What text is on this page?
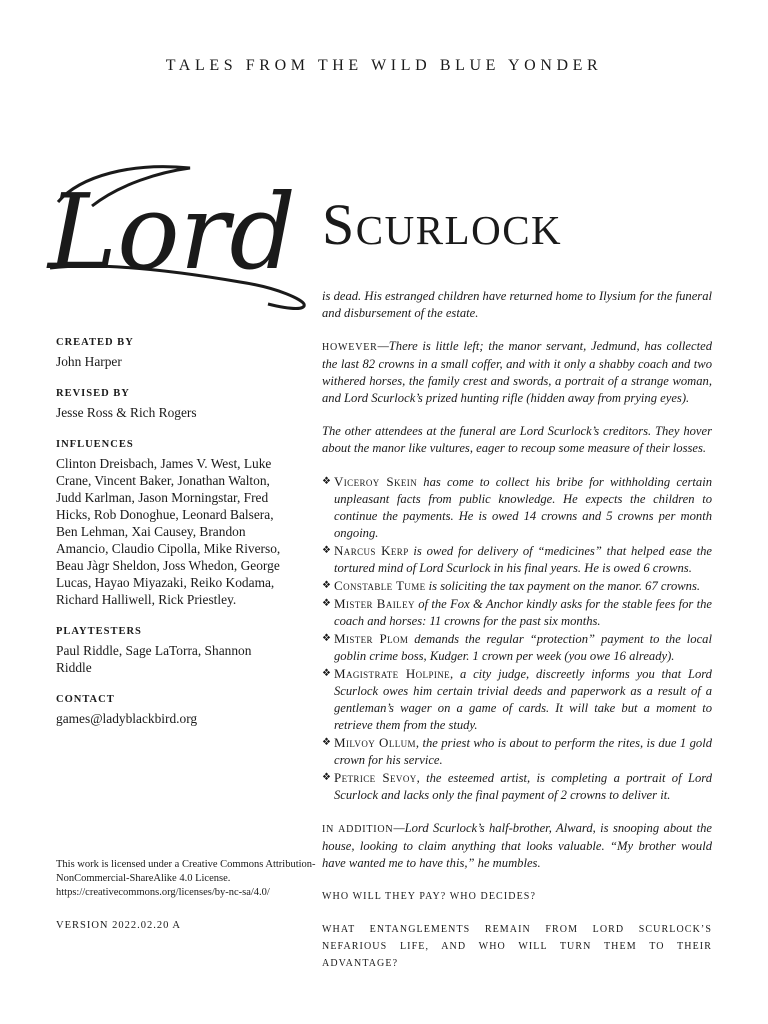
TALES FROM THE WILD BLUE YONDER
Lord Scurlock
CREATED BY
John Harper
REVISED BY
Jesse Ross & Rich Rogers
INFLUENCES
Clinton Dreisbach, James V. West, Luke Crane, Vincent Baker, Jonathan Walton, Judd Karlman, Jason Morningstar, Fred Hicks, Rob Donoghue, Leonard Balsera, Ben Lehman, Xai Causey, Brandon Amancio, Claudio Cipolla, Mike Riverso, Beau Jàgr Sheldon, Joss Whedon, George Lucas, Hayao Miyazaki, Reiko Kodama, Richard Halliwell, Rick Priestley.
PLAYTESTERS
Paul Riddle, Sage LaTorra, Shannon Riddle
CONTACT
games@ladyblackbird.org
This work is licensed under a Creative Commons Attribution-NonCommercial-ShareAlike 4.0 License. https://creativecommons.org/licenses/by-nc-sa/4.0/
VERSION 2022.02.20 A

is dead. His estranged children have returned home to Ilysium for the funeral and disbursement of the estate.

HOWEVER—There is little left; the manor servant, Jedmund, has collected the last 82 crowns in a small coffer, and with it only a shabby coach and two withered horses, the family crest and swords, a portrait of a strange woman, and Lord Scurlock’s prized hunting rifle (hidden away from prying eyes).

The other attendees at the funeral are Lord Scurlock’s creditors. They hover about the manor like vultures, eager to recoup some measure of their losses.

❖ Viceroy Skein has come to collect his bribe for withholding certain unpleasant facts from public knowledge. He expects the children to continue the payments. He is owed 14 crowns and 5 crowns per month ongoing.
❖ Narcus Kerp is owed for delivery of “medicines” that helped ease the tortured mind of Lord Scurlock in his final years. He is owed 6 crowns.
❖ Constable Tume is soliciting the tax payment on the manor. 67 crowns.
❖ Mister Bailey of the Fox & Anchor kindly asks for the stable fees for the coach and horses: 11 crowns for the past six months.
❖ Mister Plom demands the regular “protection” payment to the local goblin crime boss, Kudger. 1 crown per week (you owe 16 already).
❖ Magistrate Holpine, a city judge, discreetly informs you that Lord Scurlock owes him certain trivial deeds and paperwork as a result of a gentleman’s wager on a game of cards. It will take but a moment to retrieve them from the study.
❖ Milvoy Ollum, the priest who is about to perform the rites, is due 1 gold crown for his service.
❖ Petrice Sevoy, the esteemed artist, is completing a portrait of Lord Scurlock and lacks only the final payment of 2 crowns to deliver it.

IN ADDITION—Lord Scurlock’s half-brother, Alward, is snooping about the house, looking to claim anything that looks valuable. “My brother would have wanted me to have this,” he mumbles.

WHO WILL THEY PAY? WHO DECIDES?

WHAT ENTANGLEMENTS REMAIN FROM LORD SCURLOCK’S NEFARIOUS LIFE, AND WHO WILL TURN THEM TO THEIR ADVANTAGE?
